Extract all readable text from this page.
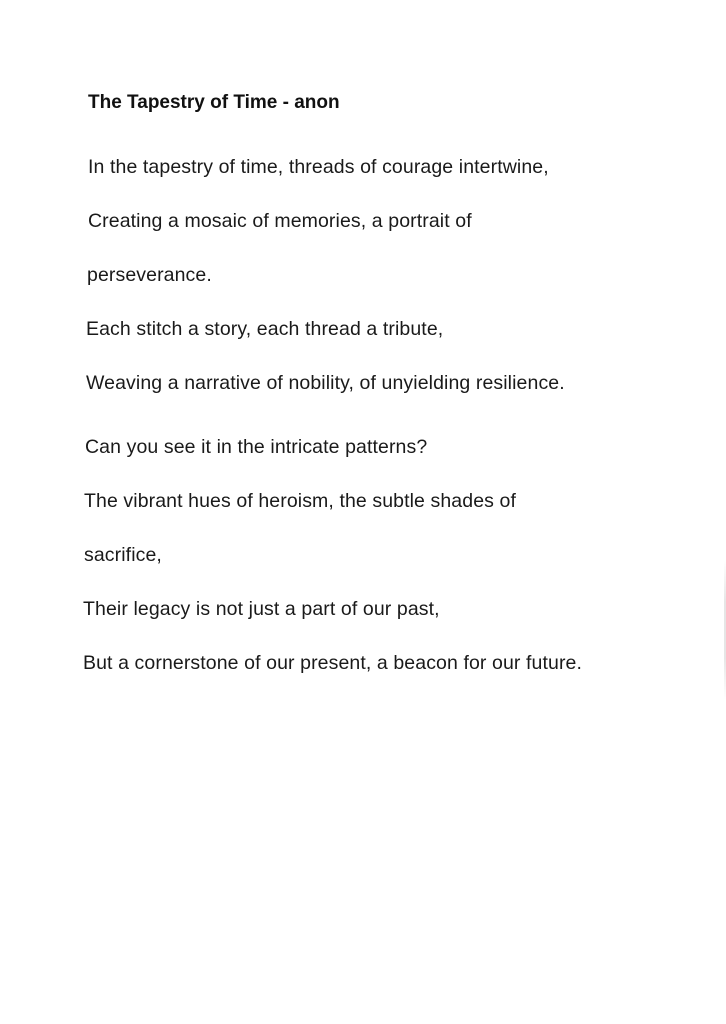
The Tapestry of Time - anon
In the tapestry of time, threads of courage intertwine,
Creating a mosaic of memories, a portrait of
perseverance.
Each stitch a story, each thread a tribute,
Weaving a narrative of nobility, of unyielding resilience.
Can you see it in the intricate patterns?
The vibrant hues of heroism, the subtle shades of
sacrifice,
Their legacy is not just a part of our past,
But a cornerstone of our present, a beacon for our future.
